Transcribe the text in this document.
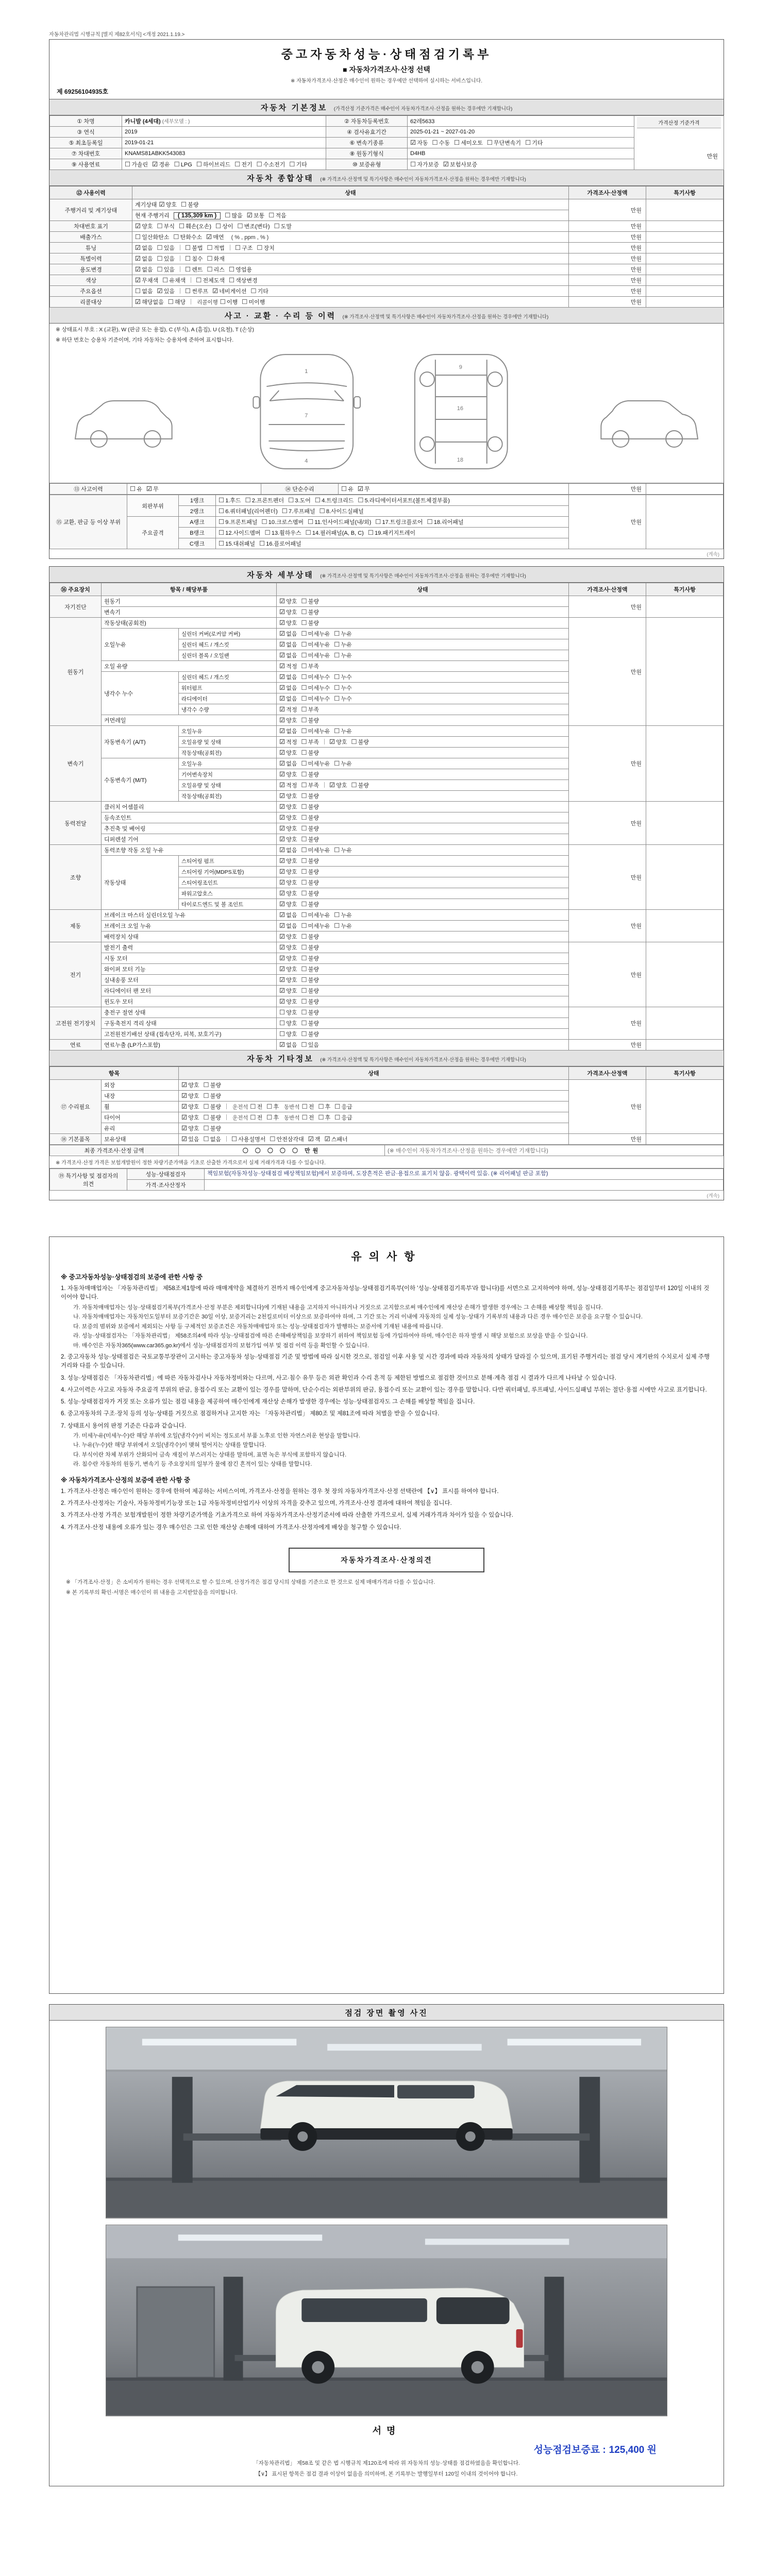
자동차관리법 시행규칙 [별지 제82호서식] <개정 2021.1.19.>
중고자동차성능·상태점검기록부
■ 자동차가격조사·산정 선택
※ 자동차가격조사·산정은 매수인이 원하는 경우에만 선택하여 실시하는 서비스입니다.
제 69256104935호
자동차 기본정보 (가격산정 기준가격은 매수인이 자동차가격조사·산정을 원하는 경우에만 기재합니다)
① 차명	카니발 (4세대) (세부모델 : )	② 자동차등록번호	62레5633	가격산정 기준가격
만원

③ 연식	2019	④ 검사유효기간	2025-01-21 ~ 2027-01-20	
⑤ 최초등록일	2019-01-21	⑥ 변속기종류	☑ 자동 ☐ 수동 ☐ 세미오토 ☐ 무단변속기 ☐ 기타	
⑦ 차대번호	KNAMS81ABKK543083	⑧ 원동기형식	D4HB	
⑨ 사용연료	☐ 가솔린 ☑ 경유 ☐ LPG ☐ 하이브리드 ☐ 전기 ☐ 수소전기 ☐ 기타	⑩ 보증유형	☐ 자가보증 ☑ 보험사보증	
자동차 종합상태 (※ 가격조사·산정액 및 특기사항은 매수인이 자동차가격조사·산정을 원하는 경우에만 기재합니다)
⑫ 사용이력	상태	가격조사·산정액	특기사항
주행거리 및 계기상태	계기상태 ☑ 양호 ☐ 불량	만원	
	현재 주행거리 ( 135,309 km ) ☐ 많음 ☑ 보통 ☐ 적음		
차대번호 표기	☑ 양호 ☐ 부식 ☐ 훼손(오손) ☐ 상이 ☐ 변조(변타) ☐ 도말	만원	
배출가스	☐ 일산화탄소 ☐ 탄화수소 ☑ 매연 ( % , ppm , % )	만원	
튜닝	☑ 없음 ☐ 있음 ☐ 불법 ☐ 적법 ☐ 구조 ☐ 장치	만원	
특별이력	☑ 없음 ☐ 있음 ☐ 침수 ☐ 화재	만원	
용도변경	☑ 없음 ☐ 있음 ☐ 렌트 ☐ 리스 ☐ 영업용	만원	
색상	☑ 무채색 ☐ 유채색 ☐ 전체도색 ☐ 색상변경	만원	
주요옵션	☐ 없음 ☑ 있음 ☐ 썬루프 ☑ 네비게이션 ☐ 기타	만원	
리콜대상	☑ 해당없음 ☐ 해당 리콜이행 ☐ 이행 ☐ 미이행	만원	
사고 · 교환 · 수리 등 이력 (※ 가격조사·산정액 및 특기사항은 매수인이 자동차가격조사·산정을 원하는 경우에만 기재합니다)
※ 상태표시 부호 : X (교환), W (판금 또는 용접), C (부식), A (흠집), U (요철), T (손상)
※ 하단 번호는 승용차 기준이며, 기타 자동차는 승용차에 준하여 표시합니다.
1
7
4
9
16
18
⑬ 사고이력	☐ 유 ☑ 무	⑭ 단순수리	☐ 유 ☑ 무	만원	
⑮ 교환, 판금 등 이상 부위	외판부위	1랭크	☐ 1.후드 ☐ 2.프론트펜더 ☐ 3.도어 ☐ 4.트렁크리드 ☐ 5.라디에이터서포트(볼트체결부품)	만원	
		2랭크	☐ 6.쿼터패널(리어펜더) ☐ 7.루프패널 ☐ 8.사이드실패널		
	주요골격	A랭크	☐ 9.프론트패널 ☐ 10.크로스멤버 ☐ 11.인사이드패널(내/외) ☐ 17.트렁크플로어 ☐ 18.리어패널		
		B랭크	☐ 12.사이드멤버 ☐ 13.휠하우스 ☐ 14.필러패널(A, B, C) ☐ 19.패키지트레이		
		C랭크	☐ 15.대쉬패널 ☐ 16.플로어패널		
(계속)
자동차 세부상태 (※ 가격조사·산정액 및 특기사항은 매수인이 자동차가격조사·산정을 원하는 경우에만 기재합니다)
⑯ 주요장치	항목 / 해당부품		상태	가격조사·산정액	특기사항
자기진단	원동기		☑ 양호 ☐ 불량	만원	
	변속기		☑ 양호 ☐ 불량		
원동기	작동상태(공회전)		☑ 양호 ☐ 불량	만원	
	오일누유	실린더 커버(로커암 커버)	☑ 없음 ☐ 미세누유 ☐ 누유		
		실린더 헤드 / 개스킷	☑ 없음 ☐ 미세누유 ☐ 누유		
		실린더 블록 / 오일팬	☑ 없음 ☐ 미세누유 ☐ 누유		
	오일 유량		☑ 적정 ☐ 부족		
	냉각수 누수	실린더 헤드 / 개스킷	☑ 없음 ☐ 미세누수 ☐ 누수		
		워터펌프	☑ 없음 ☐ 미세누수 ☐ 누수		
		라디에이터	☑ 없음 ☐ 미세누수 ☐ 누수		
		냉각수 수량	☑ 적정 ☐ 부족		
	커먼레일		☑ 양호 ☐ 불량		
변속기	자동변속기 (A/T)	오일누유	☑ 없음 ☐ 미세누유 ☐ 누유	만원	
		오일유량 및 상태	☑ 적정 ☐ 부족 ☑ 양호 ☐ 불량		
		작동상태(공회전)	☑ 양호 ☐ 불량		
	수동변속기 (M/T)	오일누유	☑ 없음 ☐ 미세누유 ☐ 누유		
		기어변속장치	☑ 양호 ☐ 불량		
		오일유량 및 상태	☑ 적정 ☐ 부족 ☑ 양호 ☐ 불량		
		작동상태(공회전)	☑ 양호 ☐ 불량		
동력전달	클러치 어셈블리		☑ 양호 ☐ 불량	만원	
	등속조인트		☑ 양호 ☐ 불량		
	추진축 및 베어링		☑ 양호 ☐ 불량		
	디퍼렌셜 기어		☑ 양호 ☐ 불량		
조향	동력조향 작동 오일 누유		☑ 없음 ☐ 미세누유 ☐ 누유	만원	
	작동상태	스티어링 펌프	☑ 양호 ☐ 불량		
		스티어링 기어(MDPS포함)	☑ 양호 ☐ 불량		
		스티어링조인트	☑ 양호 ☐ 불량		
		파워고압호스	☑ 양호 ☐ 불량		
		타이로드엔드 및 볼 조인트	☑ 양호 ☐ 불량		
제동	브레이크 마스터 실린더오일 누유		☑ 없음 ☐ 미세누유 ☐ 누유	만원	
	브레이크 오일 누유		☑ 없음 ☐ 미세누유 ☐ 누유		
	배력장치 상태		☑ 양호 ☐ 불량		
전기	발전기 출력		☑ 양호 ☐ 불량	만원	
	시동 모터		☑ 양호 ☐ 불량		
	와이퍼 모터 기능		☑ 양호 ☐ 불량		
	실내송풍 모터		☑ 양호 ☐ 불량		
	라디에이터 팬 모터		☑ 양호 ☐ 불량		
	윈도우 모터		☑ 양호 ☐ 불량		
고전원 전기장치	충전구 절연 상태		☐ 양호 ☐ 불량	만원	
	구동축전지 격리 상태		☐ 양호 ☐ 불량		
	고전원전기배선 상태 (접속단자, 피복, 보호기구)		☐ 양호 ☐ 불량		
연료	연료누출 (LP가스포함)		☑ 없음 ☐ 있음	만원	
자동차 기타정보 (※ 가격조사·산정액 및 특기사항은 매수인이 자동차가격조사·산정을 원하는 경우에만 기재합니다)
항목		상태	가격조사·산정액	특기사항
⑰ 수리필요	외장	☑ 양호 ☐ 불량	만원	
	내장	☑ 양호 ☐ 불량		
	휠	☑ 양호 ☐ 불량 운전석 ☐ 전 ☐ 후 동반석 ☐ 전 ☐ 후 ☐ 응급		
	타이어	☑ 양호 ☐ 불량 운전석 ☐ 전 ☐ 후 동반석 ☐ 전 ☐ 후 ☐ 응급		
	유리	☑ 양호 ☐ 불량		
⑱ 기본품목	보유상태	☑ 있음 ☐ 없음 ☐ 사용설명서 ☐ 안전삼각대 ☑ 잭 ☑ 스패너	만원	
최종 가격조사·산정 금액	〇 〇 〇 〇 〇 만원	(※ 매수인이 자동차가격조사·산정을 원하는 경우에만 기재합니다)
※ 가격조사·산정 가격은 보험개발원이 정한 차량기준가액을 기초로 산출한 가격으로서 실제 거래가격과 다를 수 있습니다.
⑲ 특기사항 및 점검자의 의견	성능·상태점검자	책임보험(자동차성능·상태점검 배상책임보험)에서 보증하며, 도장흔적은 판금·용접으로 표기치 않음. 광택이력 있음. (※ 리어패널 판금 포함)
	가격·조사산정자	
(계속)
유의사항
※ 중고자동차성능·상태점검의 보증에 관한 사항 중
1. 자동차매매업자는 「자동차관리법」 제58조제1항에 따라 매매계약을 체결하기 전까지 매수인에게 중고자동차성능·상태점검기록부(이하 '성능·상태점검기록부'라 합니다)를 서면으로 고지하여야 하며, 성능·상태점검기록부는 점검일부터 120일 이내의 것이어야 합니다.
가. 자동차매매업자는 성능·상태점검기록부(가격조사·산정 부분은 제외합니다)에 기재된 내용을 고지하지 아니하거나 거짓으로 고지함으로써 매수인에게 재산상 손해가 발생한 경우에는 그 손해를 배상할 책임을 집니다.
나. 자동차매매업자는 자동차인도일부터 보증기간은 30일 이상, 보증거리는 2천킬로미터 이상으로 보증하여야 하며, 그 기간 또는 거리 이내에 자동차의 실제 성능·상태가 기록부의 내용과 다른 경우 매수인은 보증을 요구할 수 있습니다.
다. 보증의 범위와 보증에서 제외되는 사항 등 구체적인 보증조건은 자동차매매업자 또는 성능·상태점검자가 발행하는 보증서에 기재된 내용에 따릅니다.
라. 성능·상태점검자는 「자동차관리법」 제58조의4에 따라 성능·상태점검에 따른 손해배상책임을 보장하기 위하여 책임보험 등에 가입하여야 하며, 매수인은 하자 발생 시 해당 보험으로 보상을 받을 수 있습니다.
마. 매수인은 자동차365(www.car365.go.kr)에서 성능·상태점검자의 보험가입 여부 및 점검 이력 등을 확인할 수 있습니다.
2. 중고자동차 성능·상태점검은 국토교통부장관이 고시하는 중고자동차 성능·상태점검 기준 및 방법에 따라 실시한 것으로, 점검일 이후 사용 및 시간 경과에 따라 자동차의 상태가 달라질 수 있으며, 표기된 주행거리는 점검 당시 계기판의 수치로서 실제 주행거리와 다를 수 있습니다.
3. 성능·상태점검은 「자동차관리법」에 따른 자동차검사나 자동차정비와는 다르며, 사고·침수 유무 등은 외관 확인과 수리 흔적 등 제한된 방법으로 점검한 것이므로 분해·계측 점검 시 결과가 다르게 나타날 수 있습니다.
4. 사고이력은 사고로 자동차 주요골격 부위의 판금, 용접수리 또는 교환이 있는 경우를 말하며, 단순수리는 외판부위의 판금, 용접수리 또는 교환이 있는 경우를 말합니다. 다만 쿼터패널, 루프패널, 사이드실패널 부위는 절단·용접 시에만 사고로 표기합니다.
5. 성능·상태점검자가 거짓 또는 오류가 있는 점검 내용을 제공하여 매수인에게 재산상 손해가 발생한 경우에는 성능·상태점검자도 그 손해를 배상할 책임을 집니다.
6. 중고자동차의 구조·장치 등의 성능·상태를 거짓으로 점검하거나 고지한 자는 「자동차관리법」 제80조 및 제81조에 따라 처벌을 받을 수 있습니다.
7. 상태표시 용어의 판정 기준은 다음과 같습니다.
가. 미세누유(미세누수)란 해당 부위에 오일(냉각수)이 비치는 정도로서 부품 노후로 인한 자연스러운 현상을 말합니다.
나. 누유(누수)란 해당 부위에서 오일(냉각수)이 맺혀 떨어지는 상태를 말합니다.
다. 부식이란 차체 부위가 산화되어 금속 재질이 부스러지는 상태를 말하며, 표면 녹은 부식에 포함하지 않습니다.
라. 침수란 자동차의 원동기, 변속기 등 주요장치의 일부가 물에 잠긴 흔적이 있는 상태를 말합니다.
※ 자동차가격조사·산정의 보증에 관한 사항 중
1. 가격조사·산정은 매수인이 원하는 경우에 한하여 제공하는 서비스이며, 가격조사·산정을 원하는 경우 첫 장의 자동차가격조사·산정 선택란에 【∨】 표시를 하여야 합니다.
2. 가격조사·산정자는 기술사, 자동차정비기능장 또는 1급 자동차정비산업기사 이상의 자격을 갖추고 있으며, 가격조사·산정 결과에 대하여 책임을 집니다.
3. 가격조사·산정 가격은 보험개발원이 정한 차량기준가액을 기초가격으로 하여 자동차가격조사·산정기준서에 따라 산출한 가격으로서, 실제 거래가격과 차이가 있을 수 있습니다.
4. 가격조사·산정 내용에 오류가 있는 경우 매수인은 그로 인한 재산상 손해에 대하여 가격조사·산정자에게 배상을 청구할 수 있습니다.
자동차가격조사·산정의견
※ 「가격조사·산정」은 소비자가 원하는 경우 선택적으로 할 수 있으며, 산정가격은 점검 당시의 상태를 기준으로 한 것으로 실제 매매가격과 다를 수 있습니다.
※ 본 기록부의 확인·서명은 매수인이 위 내용을 고지받았음을 의미합니다.
점검 장면 촬영 사진
서명
성능점검보증료 : 125,400 원
「자동차관리법」 제58조 및 같은 법 시행규칙 제120조에 따라 위 자동차의 성능·상태를 점검하였음을 확인합니다.
【∨】 표시된 항목은 점검 결과 이상이 없음을 의미하며, 본 기록부는 발행일부터 120일 이내의 것이어야 합니다.
